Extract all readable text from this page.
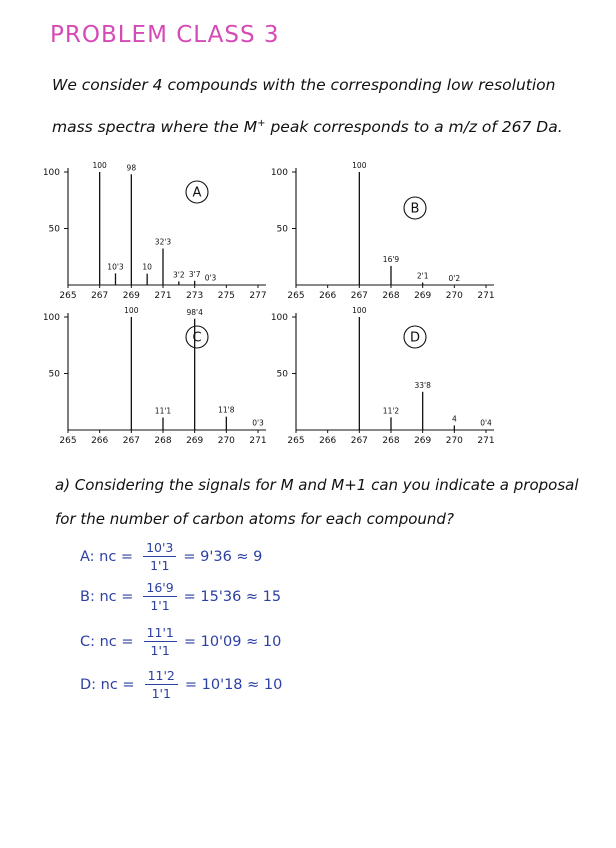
PROBLEM CLASS 3
We consider 4 compounds with the corresponding low resolution
mass spectra where the M+ peak corresponds to a m/z of 267 Da.
100
50
265 267 269 271 273 275 277
100
10'3
98
10
32'3
3'2 3'7 0'3
A
100
50
265 266 267 268 269 270 271
100
16'9
2'1	0'2
B
100
50
265 266 267 268 269 270 271
100
11'1
98'4
11'8
0'3
C
100
50
265 266 267 268 269 270 271
100
11'2
33'8
4	0'4
D
a) Considering the signals for M and M+1 can you indicate a proposal for the number of carbon atoms for each compound?
A: nc = $\frac{10'3}{1'1} = 9'36 \approx 9$
B: nc = $\frac{16'9}{1'1} = 15'36 \approx 15$
C: nc = $\frac{11'1}{1'1} = 10'09 \approx 10$
D: nc = $\frac{11'2}{1'1} = 10'18 \approx 10$
